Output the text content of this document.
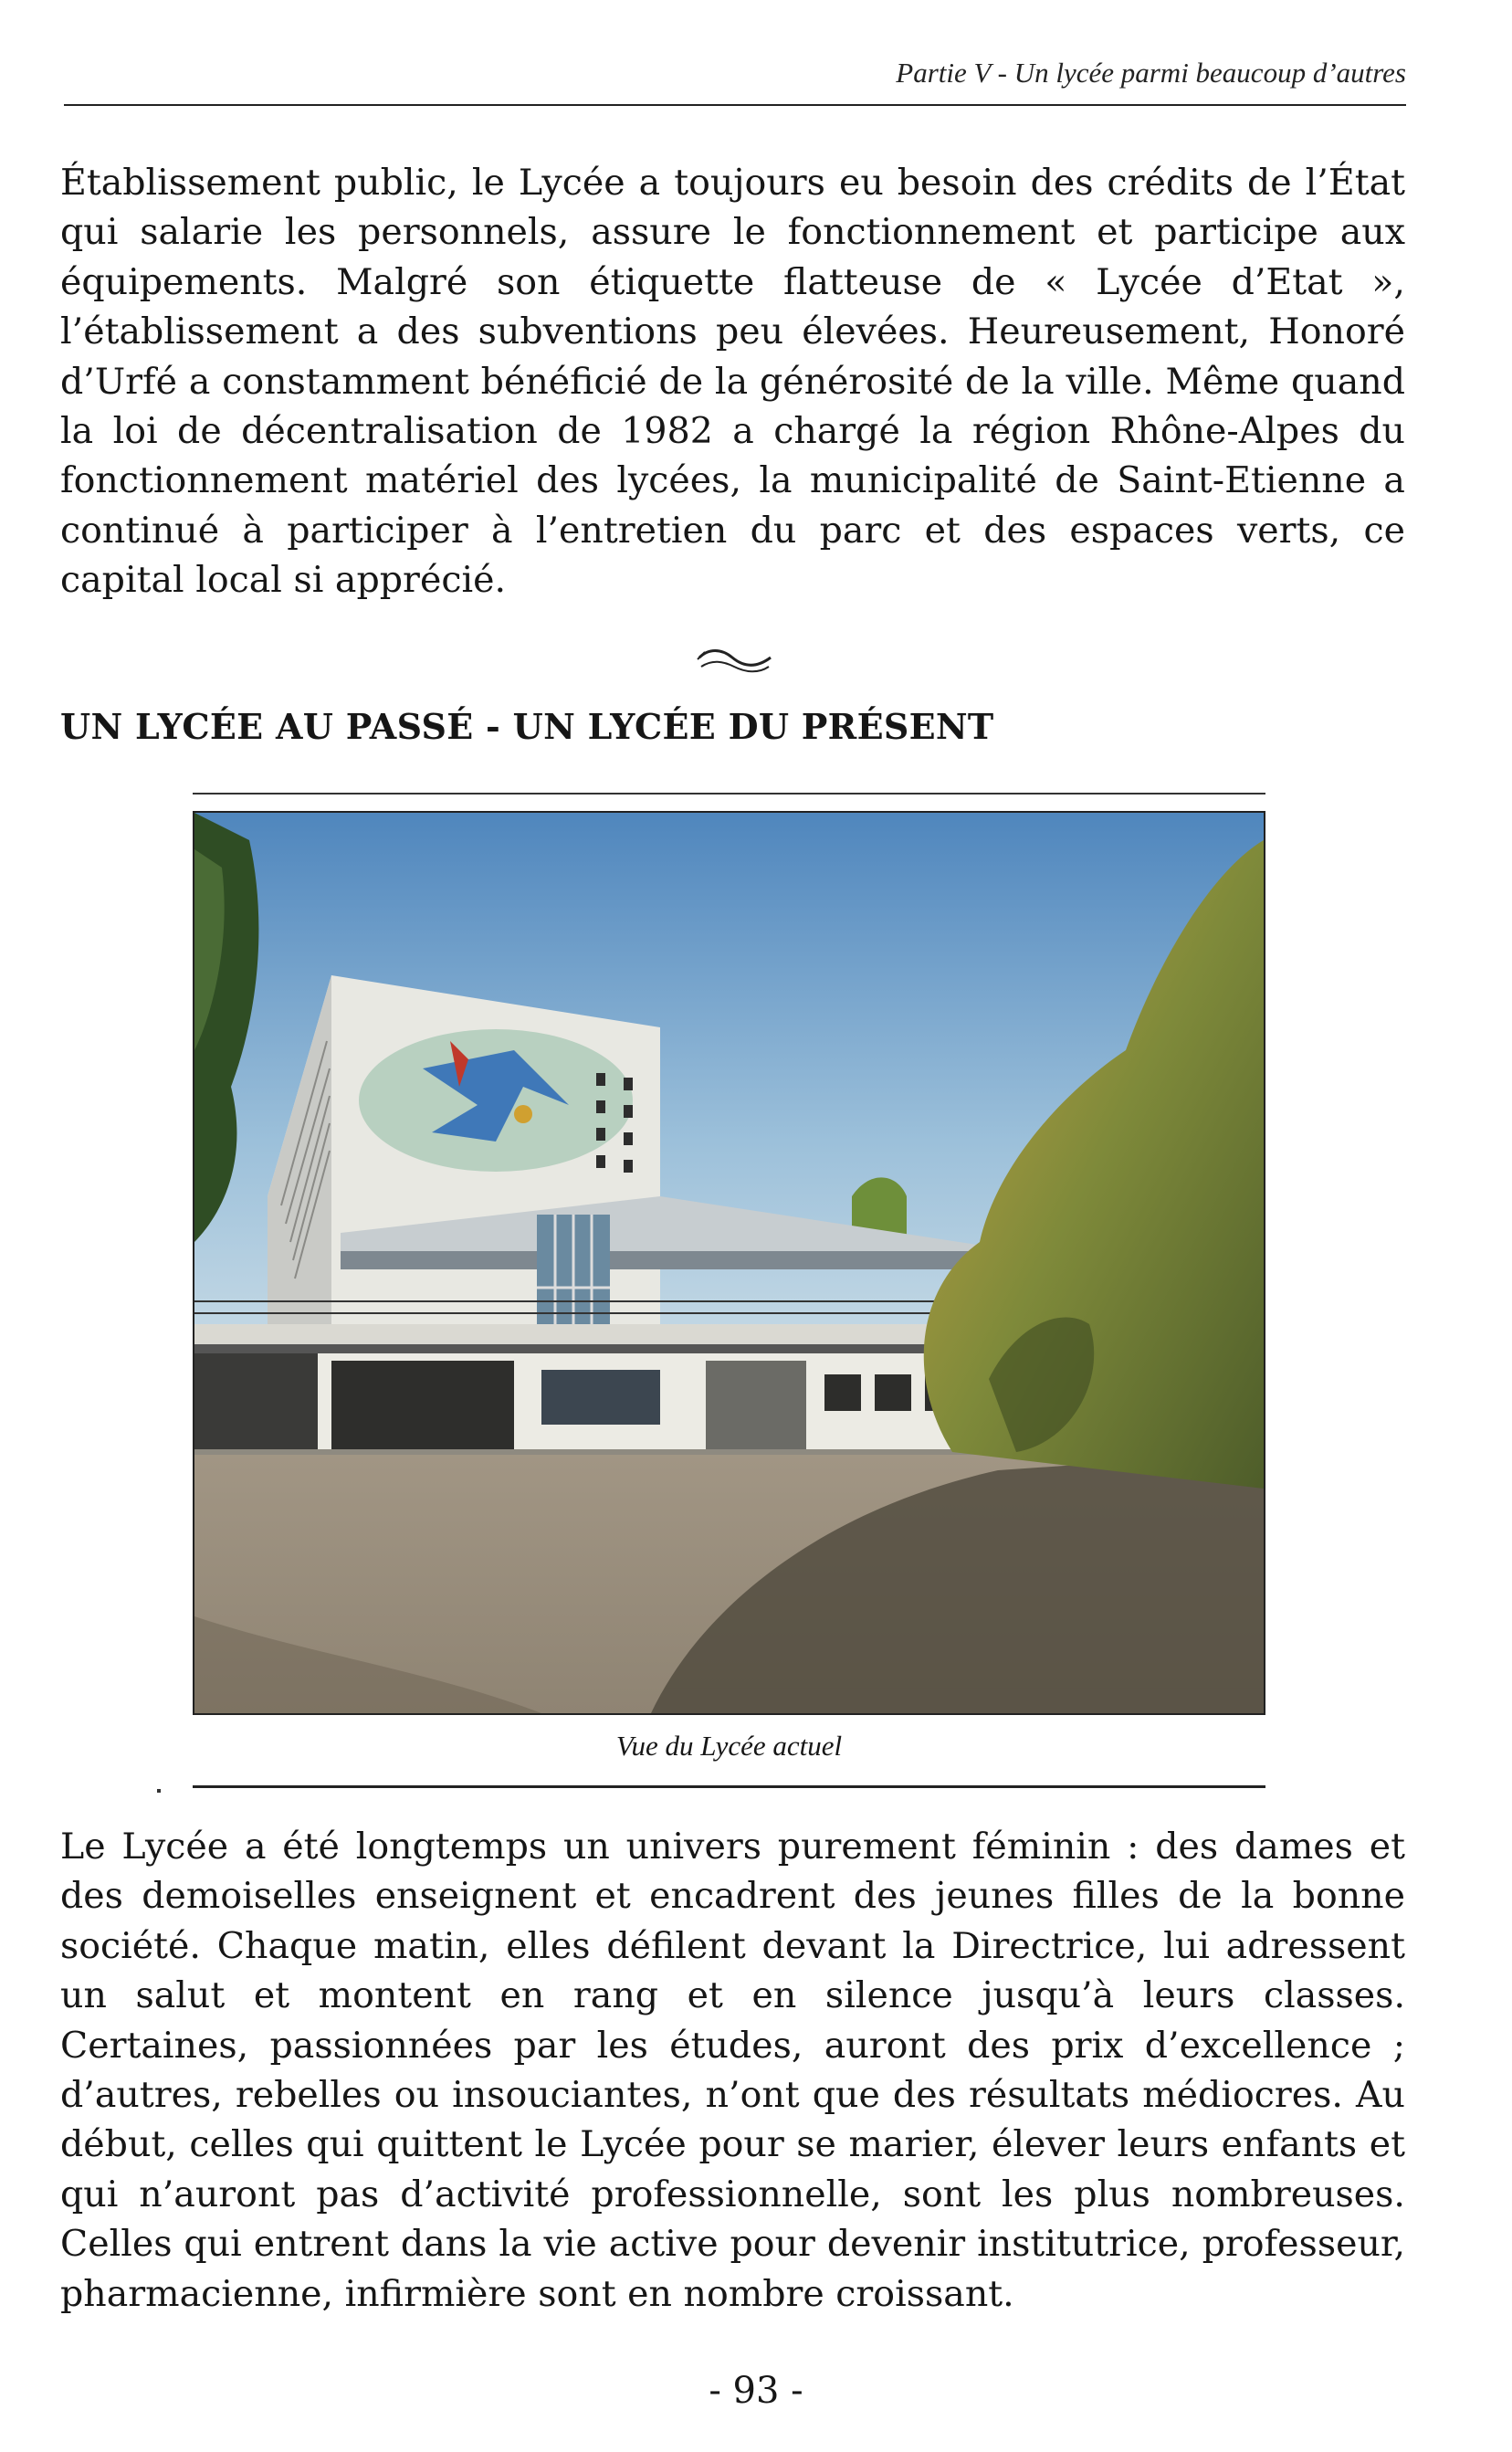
Partie V - Un lycée parmi beaucoup d’autres

Établissement public, le Lycée a toujours eu besoin des crédits de l’État qui salarie les personnels, assure le fonctionnement et participe aux équipements. Malgré son étiquette flatteuse de « Lycée d’Etat », l’établissement a des subventions peu élevées. Heureusement, Honoré d’Urfé a constamment bénéficié de la générosité de la ville. Même quand la loi de décentralisation de 1982 a chargé la région Rhône-Alpes du fonctionnement matériel des lycées, la municipalité de Saint-Etienne a continué à participer à l’entretien du parc et des espaces verts, ce capital local si apprécié.

UN LYCÉE AU PASSÉ - UN LYCÉE DU PRÉSENT

Vue du Lycée actuel

Le Lycée a été longtemps un univers purement féminin : des dames et des demoiselles enseignent et encadrent des jeunes filles de la bonne société. Chaque matin, elles défilent devant la Directrice, lui adressent un salut et montent en rang et en silence jusqu’à leurs classes. Certaines, passionnées par les études, auront des prix d’excellence ; d’autres, rebelles ou insouciantes, n’ont que des résultats médiocres. Au début, celles qui quittent le Lycée pour se marier, élever leurs enfants et qui n’auront pas d’activité professionnelle, sont les plus nombreuses. Celles qui entrent dans la vie active pour devenir institutrice, professeur, pharmacienne, infirmière sont en nombre croissant.

- 93 -
